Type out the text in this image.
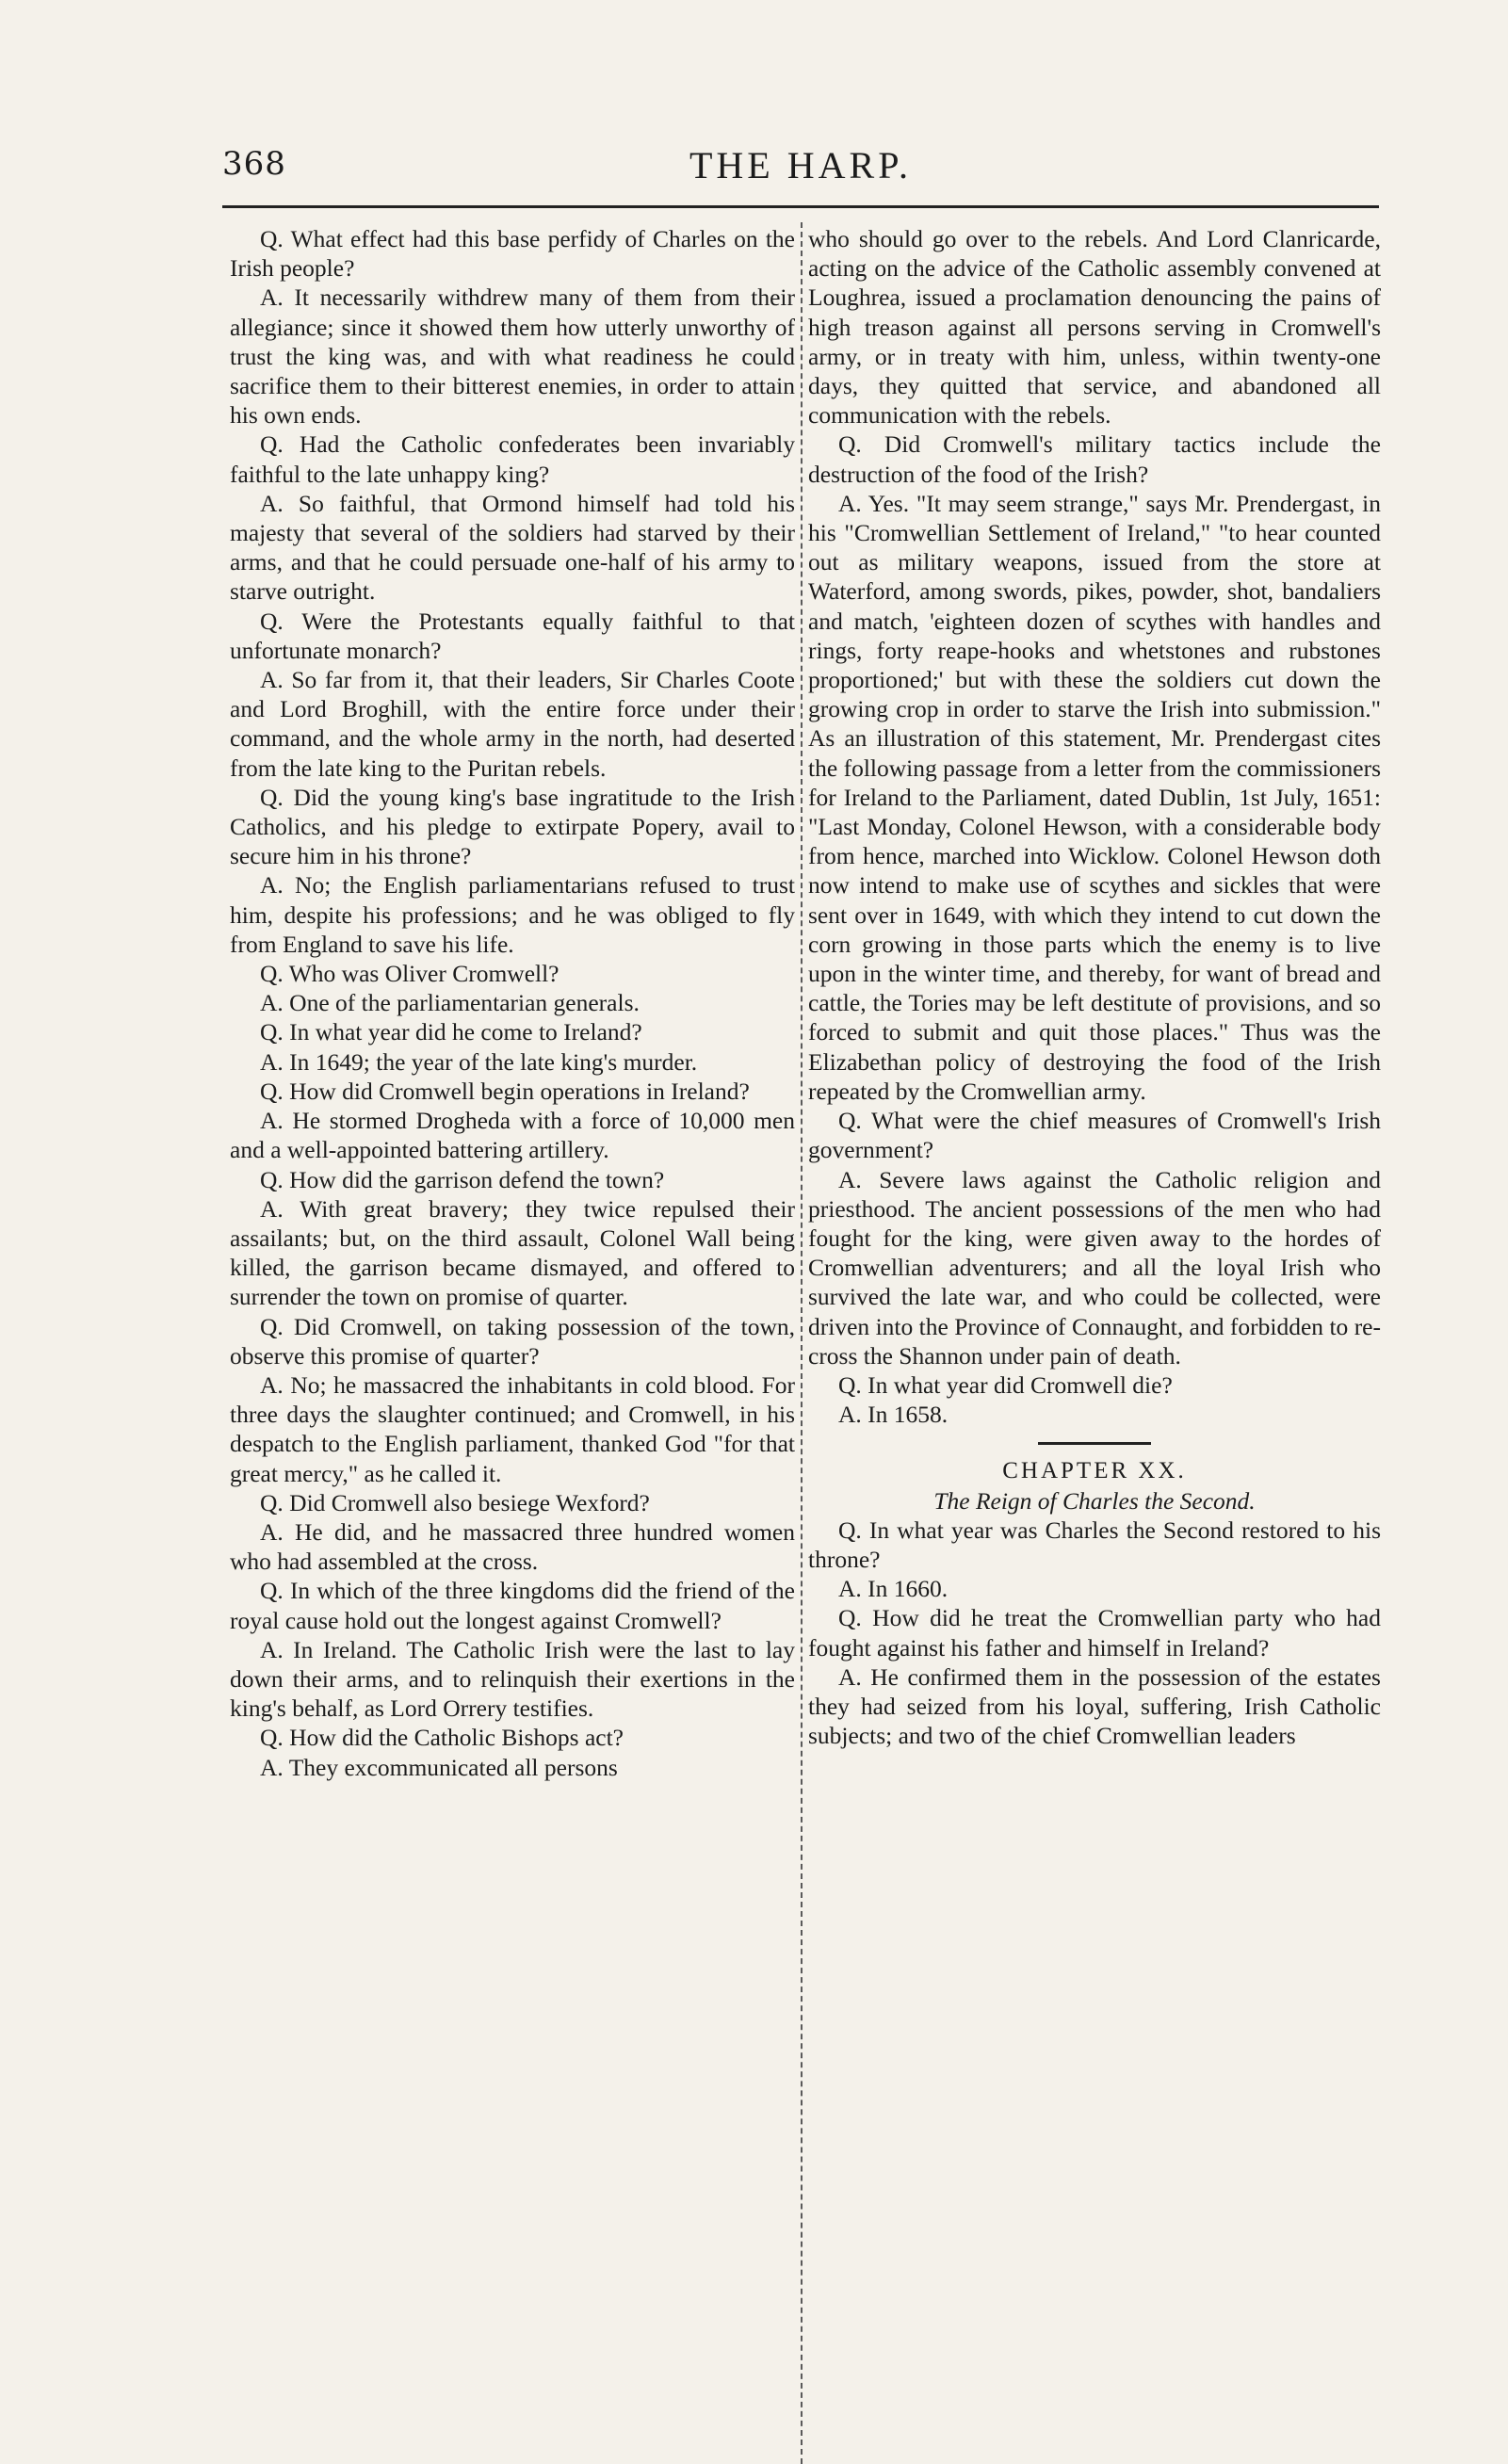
368	THE HARP.

Q. What effect had this base perfidy of Charles on the Irish people?

A. It necessarily withdrew many of them from their allegiance; since it showed them how utterly unworthy of trust the king was, and with what readiness he could sacrifice them to their bitterest enemies, in order to attain his own ends.

Q. Had the Catholic confederates been invariably faithful to the late unhappy king?

A. So faithful, that Ormond himself had told his majesty that several of the soldiers had starved by their arms, and that he could persuade one-half of his army to starve outright.

Q. Were the Protestants equally faithful to that unfortunate monarch?

A. So far from it, that their leaders, Sir Charles Coote and Lord Broghill, with the entire force under their command, and the whole army in the north, had deserted from the late king to the Puritan rebels.

Q. Did the young king's base ingratitude to the Irish Catholics, and his pledge to extirpate Popery, avail to secure him in his throne?

A. No; the English parliamentarians refused to trust him, despite his professions; and he was obliged to fly from England to save his life.

Q. Who was Oliver Cromwell?

A. One of the parliamentarian generals.

Q. In what year did he come to Ireland?

A. In 1649; the year of the late king's murder.

Q. How did Cromwell begin operations in Ireland?

A. He stormed Drogheda with a force of 10,000 men and a well-appointed battering artillery.

Q. How did the garrison defend the town?

A. With great bravery; they twice repulsed their assailants; but, on the third assault, Colonel Wall being killed, the garrison became dismayed, and offered to surrender the town on promise of quarter.

Q. Did Cromwell, on taking possession of the town, observe this promise of quarter?

A. No; he massacred the inhabitants in cold blood. For three days the slaughter continued; and Cromwell, in his despatch to the English parliament, thanked God "for that great mercy," as he called it.

Q. Did Cromwell also besiege Wexford?

A. He did, and he massacred three hundred women who had assembled at the cross.

Q. In which of the three kingdoms did the friend of the royal cause hold out the longest against Cromwell?

A. In Ireland. The Catholic Irish were the last to lay down their arms, and to relinquish their exertions in the king's behalf, as Lord Orrery testifies.

Q. How did the Catholic Bishops act?

A. They excommunicated all persons

who should go over to the rebels. And Lord Clanricarde, acting on the advice of the Catholic assembly convened at Loughrea, issued a proclamation denouncing the pains of high treason against all persons serving in Cromwell's army, or in treaty with him, unless, within twenty-one days, they quitted that service, and abandoned all communication with the rebels.

Q. Did Cromwell's military tactics include the destruction of the food of the Irish?

A. Yes. "It may seem strange," says Mr. Prendergast, in his "Cromwellian Settlement of Ireland," "to hear counted out as military weapons, issued from the store at Waterford, among swords, pikes, powder, shot, bandaliers and match, 'eighteen dozen of scythes with handles and rings, forty reape-hooks and whetstones and rubstones proportioned;' but with these the soldiers cut down the growing crop in order to starve the Irish into submission." As an illustration of this statement, Mr. Prendergast cites the following passage from a letter from the commissioners for Ireland to the Parliament, dated Dublin, 1st July, 1651: "Last Monday, Colonel Hewson, with a considerable body from hence, marched into Wicklow. Colonel Hewson doth now intend to make use of scythes and sickles that were sent over in 1649, with which they intend to cut down the corn growing in those parts which the enemy is to live upon in the winter time, and thereby, for want of bread and cattle, the Tories may be left destitute of provisions, and so forced to submit and quit those places." Thus was the Elizabethan policy of destroying the food of the Irish repeated by the Cromwellian army.

Q. What were the chief measures of Cromwell's Irish government?

A. Severe laws against the Catholic religion and priesthood. The ancient possessions of the men who had fought for the king, were given away to the hordes of Cromwellian adventurers; and all the loyal Irish who survived the late war, and who could be collected, were driven into the Province of Connaught, and forbidden to re-cross the Shannon under pain of death.

Q. In what year did Cromwell die?

A. In 1658.

CHAPTER XX.

The Reign of Charles the Second.

Q. In what year was Charles the Second restored to his throne?

A. In 1660.

Q. How did he treat the Cromwellian party who had fought against his father and himself in Ireland?

A. He confirmed them in the possession of the estates they had seized from his loyal, suffering, Irish Catholic subjects; and two of the chief Cromwellian leaders
